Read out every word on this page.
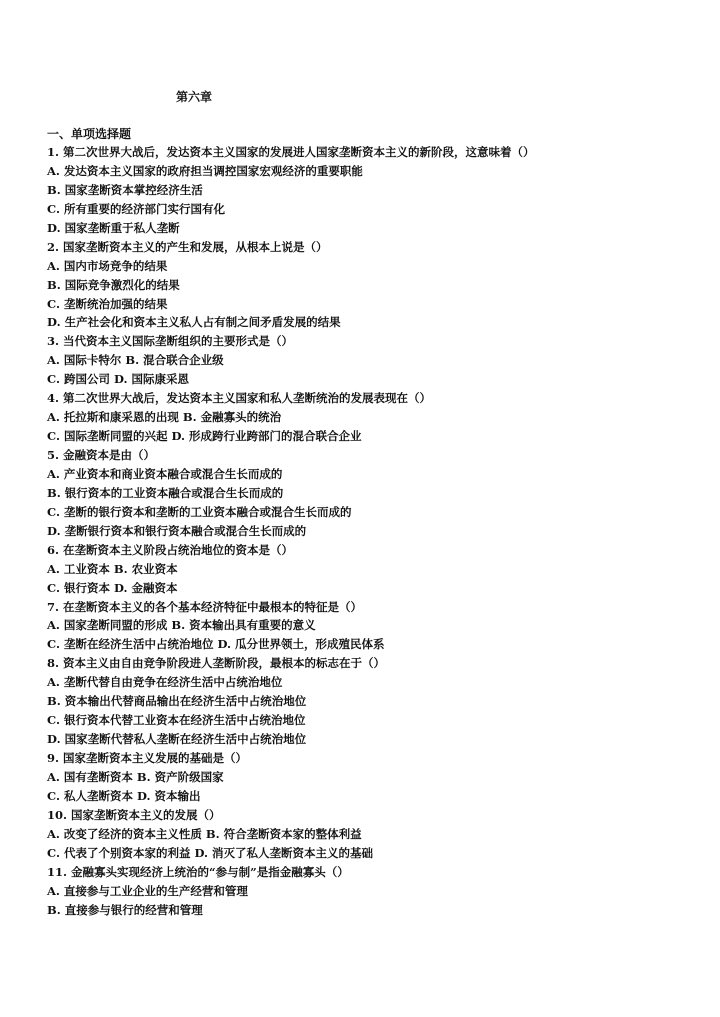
第六章
一、单项选择题
1. 第二次世界大战后，发达资本主义国家的发展进人国家垄断资本主义的新阶段，这意味着（）
A. 发达资本主义国家的政府担当调控国家宏观经济的重要职能
B. 国家垄断资本掌控经济生活
C. 所有重要的经济部门实行国有化
D. 国家垄断重于私人垄断
2. 国家垄断资本主义的产生和发展，从根本上说是（）
A. 国内市场竞争的结果
B. 国际竞争激烈化的结果
C. 垄断统治加强的结果
D. 生产社会化和资本主义私人占有制之间矛盾发展的结果
3. 当代资本主义国际垄断组织的主要形式是（）
A. 国际卡特尔 B. 混合联合企业级
C. 跨国公司 D. 国际康采恩
4. 第二次世界大战后，发达资本主义国家和私人垄断统治的发展表现在（）
A. 托拉斯和康采恩的出现 B. 金融寡头的统治
C. 国际垄断同盟的兴起 D. 形成跨行业跨部门的混合联合企业
5. 金融资本是由（）
A. 产业资本和商业资本融合或混合生长而成的
B. 银行资本的工业资本融合或混合生长而成的
C. 垄断的银行资本和垄断的工业资本融合或混合生长而成的
D. 垄断银行资本和银行资本融合或混合生长而成的
6. 在垄断资本主义阶段占统治地位的资本是（）
A. 工业资本 B. 农业资本
C. 银行资本 D. 金融资本
7. 在垄断资本主义的各个基本经济特征中最根本的特征是（）
A. 国家垄断同盟的形成 B. 资本输出具有重要的意义
C. 垄断在经济生活中占统治地位 D. 瓜分世界领土，形成殖民体系
8. 资本主义由自由竞争阶段进人垄断阶段，最根本的标志在于（）
A. 垄断代替自由竞争在经济生活中占统治地位
B. 资本输出代替商品输出在经济生活中占统治地位
C. 银行资本代替工业资本在经济生活中占统治地位
D. 国家垄断代替私人垄断在经济生活中占统治地位
9. 国家垄断资本主义发展的基础是（）
A. 国有垄断资本 B. 资产阶级国家
C. 私人垄断资本 D. 资本输出
10. 国家垄断资本主义的发展（）
A. 改变了经济的资本主义性质 B. 符合垄断资本家的整体利益
C. 代表了个别资本家的利益 D. 消灭了私人垄断资本主义的基础
11. 金融寡头实现经济上统治的“参与制”是指金融寡头（）
A. 直接参与工业企业的生产经营和管理
B. 直接参与银行的经营和管理
